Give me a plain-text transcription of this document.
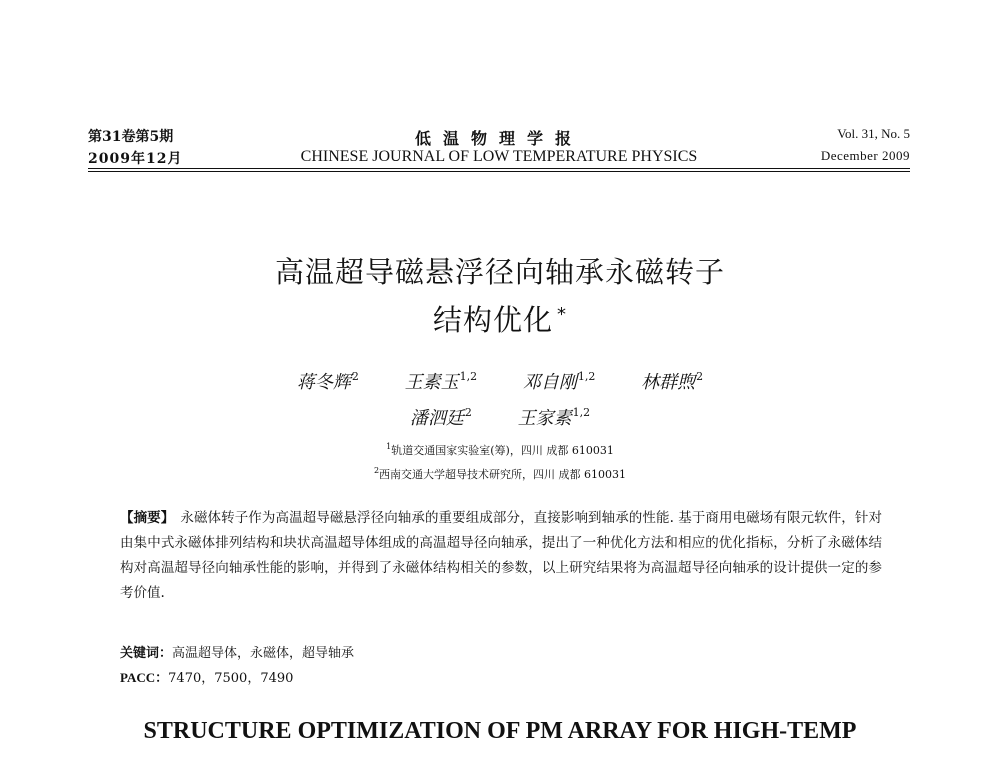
第31卷第5期
2009年12月
低温物理学报
CHINESE JOURNAL OF LOW TEMPERATURE PHYSICS
Vol. 31, No. 5
December 2009
高温超导磁悬浮径向轴承永磁转子
结构优化 *
蒋冬辉$^2$	王素玉$^{1,2}$	邓自刚$^{1,2}$	林群煦$^2$
潘泗廷$^2$	王家素$^{1,2}$
$^1$轨道交通国家实验室(筹)，四川 成都 610031
$^2$西南交通大学超导技术研究所，四川 成都 610031
【摘要】 永磁体转子作为高温超导磁悬浮径向轴承的重要组成部分，直接影响到轴承的性能. 基于商用电磁场有限元软件，针对由集中式永磁体排列结构和块状高温超导体组成的高温超导径向轴承，提出了一种优化方法和相应的优化指标，分析了永磁体结构对高温超导径向轴承性能的影响，并得到了永磁体结构相关的参数，以上研究结果将为高温超导径向轴承的设计提供一定的参考价值.
关键词：高温超导体，永磁体，超导轴承
PACC：7470，7500，7490
STRUCTURE OPTIMIZATION OF PM ARRAY FOR HIGH-TEMP
